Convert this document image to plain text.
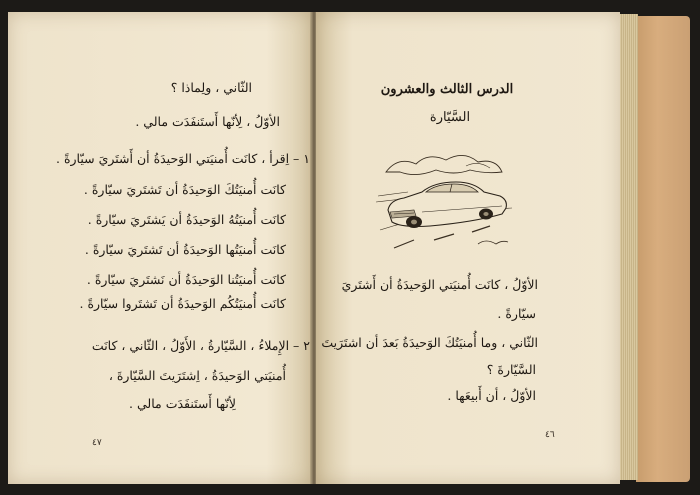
الثّاني ، ولِماذا ؟
الأوّلُ ، لِأنّها أَستَنفَدَت مالي .
١ – اِقرأ ، كانَت أُمنيَتي الوَحيدَةُ أن أَشتَريَ سيّارةً .
كانَت أُمنيَتُكَ الوَحيدَةُ أن تَشتَريَ سيّارةً .
كانَت أُمنيَتُهُ الوَحيدَةُ أن يَشتَريَ سيّارةً .
كانَت أُمنيَتُها الوَحيدَةُ أن تَشتَريَ سيّارةً .
كانَت أُمنيَتُنا الوَحيدَةُ أن نَشتَريَ سيّارةً .
كانَت أُمنيَتُكُم الوَحيدَةُ أن تَشتَروا سيّارةً .
٢ – الإِملاءُ ، السَّيّارةُ ، الأَوّلُ ، الثّاني ، كانَت
أُمنيَتي الوَحيدَةُ ، اِشتَرَيتَ السَّيّارةَ ،
لِأنّها أَستَنفَدَت مالي .
٤٧
الدرس الثالث والعشرون
السَّيّارة
الأوّلُ ، كانَت أُمنيَتي الوَحيدَةُ أن أَشتَريَ
سيّارةً .
الثّاني ، وما أُمنيَتُكَ الوَحيدَةُ بَعدَ أن اشتَرَيتَ
السَّيّارةَ ؟
الأوّلُ ، أن أَبيعَها .
٤٦
